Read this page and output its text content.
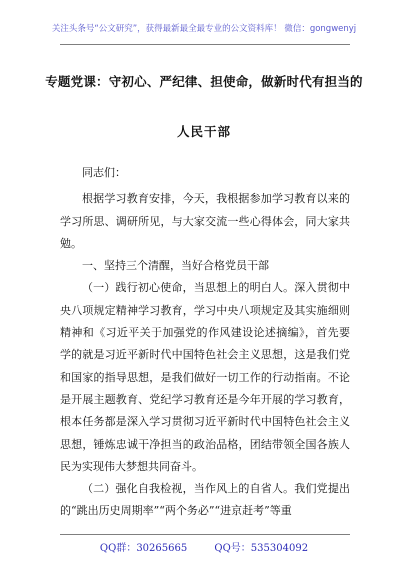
关注头条号“公文研究”，获得最新最全最专业的公文资料库！ 微信：gongwenyj
专题党课：守初心、严纪律、担使命，做新时代有担当的
人民干部

同志们：

根据学习教育安排，今天，我根据参加学习教育以来的学习所思、调研所见，与大家交流一些心得体会，同大家共勉。

一、坚持三个清醒，当好合格党员干部

（一）践行初心使命，当思想上的明白人。深入贯彻中央八项规定精神学习教育，学习中央八项规定及其实施细则精神和《习近平关于加强党的作风建设论述摘编》，首先要学的就是习近平新时代中国特色社会主义思想，这是我们党和国家的指导思想，是我们做好一切工作的行动指南。不论是开展主题教育、党纪学习教育还是今年开展的学习教育，根本任务都是深入学习贯彻习近平新时代中国特色社会主义思想，锤炼忠诚干净担当的政治品格，团结带领全国各族人民为实现伟大梦想共同奋斗。

（二）强化自我检视，当作风上的自省人。我们党提出的“跳出历史周期率”“两个务必”“进京赶考”等重

QQ群：30265665	QQ号：535304092
